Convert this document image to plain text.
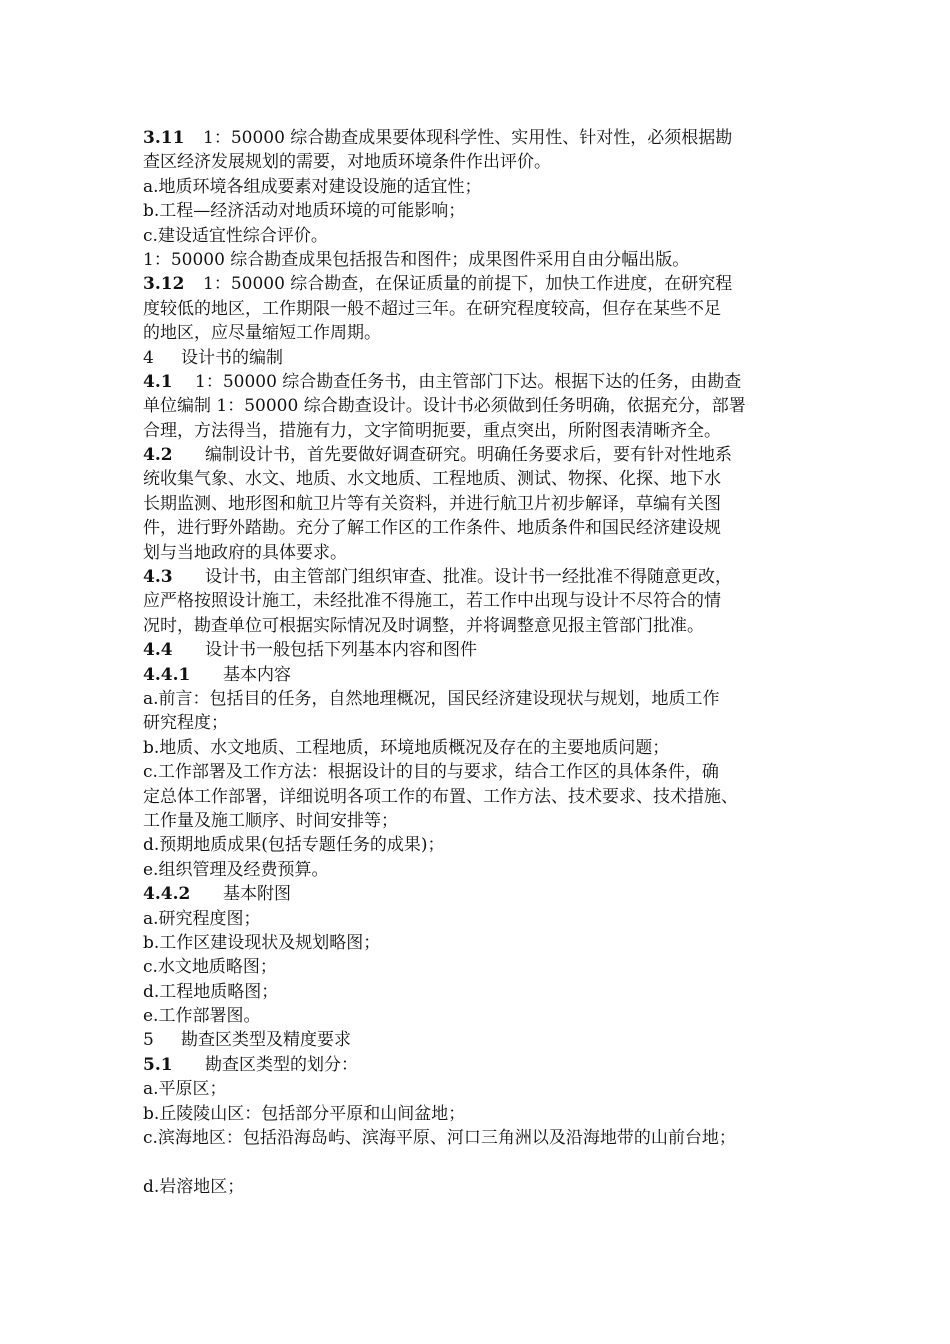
3.11 1：50000 综合勘查成果要体现科学性、实用性、针对性，必须根据勘
查区经济发展规划的需要，对地质环境条件作出评价。
a.地质环境各组成要素对建设设施的适宜性；
b.工程—经济活动对地质环境的可能影响；
c.建设适宜性综合评价。
1：50000 综合勘查成果包括报告和图件；成果图件采用自由分幅出版。
3.12 1：50000 综合勘查，在保证质量的前提下，加快工作进度，在研究程
度较低的地区，工作期限一般不超过三年。在研究程度较高，但存在某些不足
的地区，应尽量缩短工作周期。
4 设计书的编制
4.1 1：50000 综合勘查任务书，由主管部门下达。根据下达的任务，由勘查
单位编制 1：50000 综合勘查设计。设计书必须做到任务明确，依据充分，部署
合理，方法得当，措施有力，文字简明扼要，重点突出，所附图表清晰齐全。
4.2 编制设计书，首先要做好调查研究。明确任务要求后，要有针对性地系
统收集气象、水文、地质、水文地质、工程地质、测试、物探、化探、地下水
长期监测、地形图和航卫片等有关资料，并进行航卫片初步解译，草编有关图
件，进行野外踏勘。充分了解工作区的工作条件、地质条件和国民经济建设规
划与当地政府的具体要求。
4.3 设计书，由主管部门组织审查、批准。设计书一经批准不得随意更改，
应严格按照设计施工，未经批准不得施工，若工作中出现与设计不尽符合的情
况时，勘查单位可根据实际情况及时调整，并将调整意见报主管部门批准。
4.4 设计书一般包括下列基本内容和图件
4.4.1 基本内容
a.前言：包括目的任务，自然地理概况，国民经济建设现状与规划，地质工作
研究程度；
b.地质、水文地质、工程地质，环境地质概况及存在的主要地质问题；
c.工作部署及工作方法：根据设计的目的与要求，结合工作区的具体条件，确
定总体工作部署，详细说明各项工作的布置、工作方法、技术要求、技术措施、
工作量及施工顺序、时间安排等；
d.预期地质成果(包括专题任务的成果)；
e.组织管理及经费预算。
4.4.2 基本附图
a.研究程度图；
b.工作区建设现状及规划略图；
c.水文地质略图；
d.工程地质略图；
e.工作部署图。
5 勘查区类型及精度要求
5.1 勘查区类型的划分：
a.平原区；
b.丘陵陵山区：包括部分平原和山间盆地；
c.滨海地区：包括沿海岛屿、滨海平原、河口三角洲以及沿海地带的山前台地；
d.岩溶地区；
